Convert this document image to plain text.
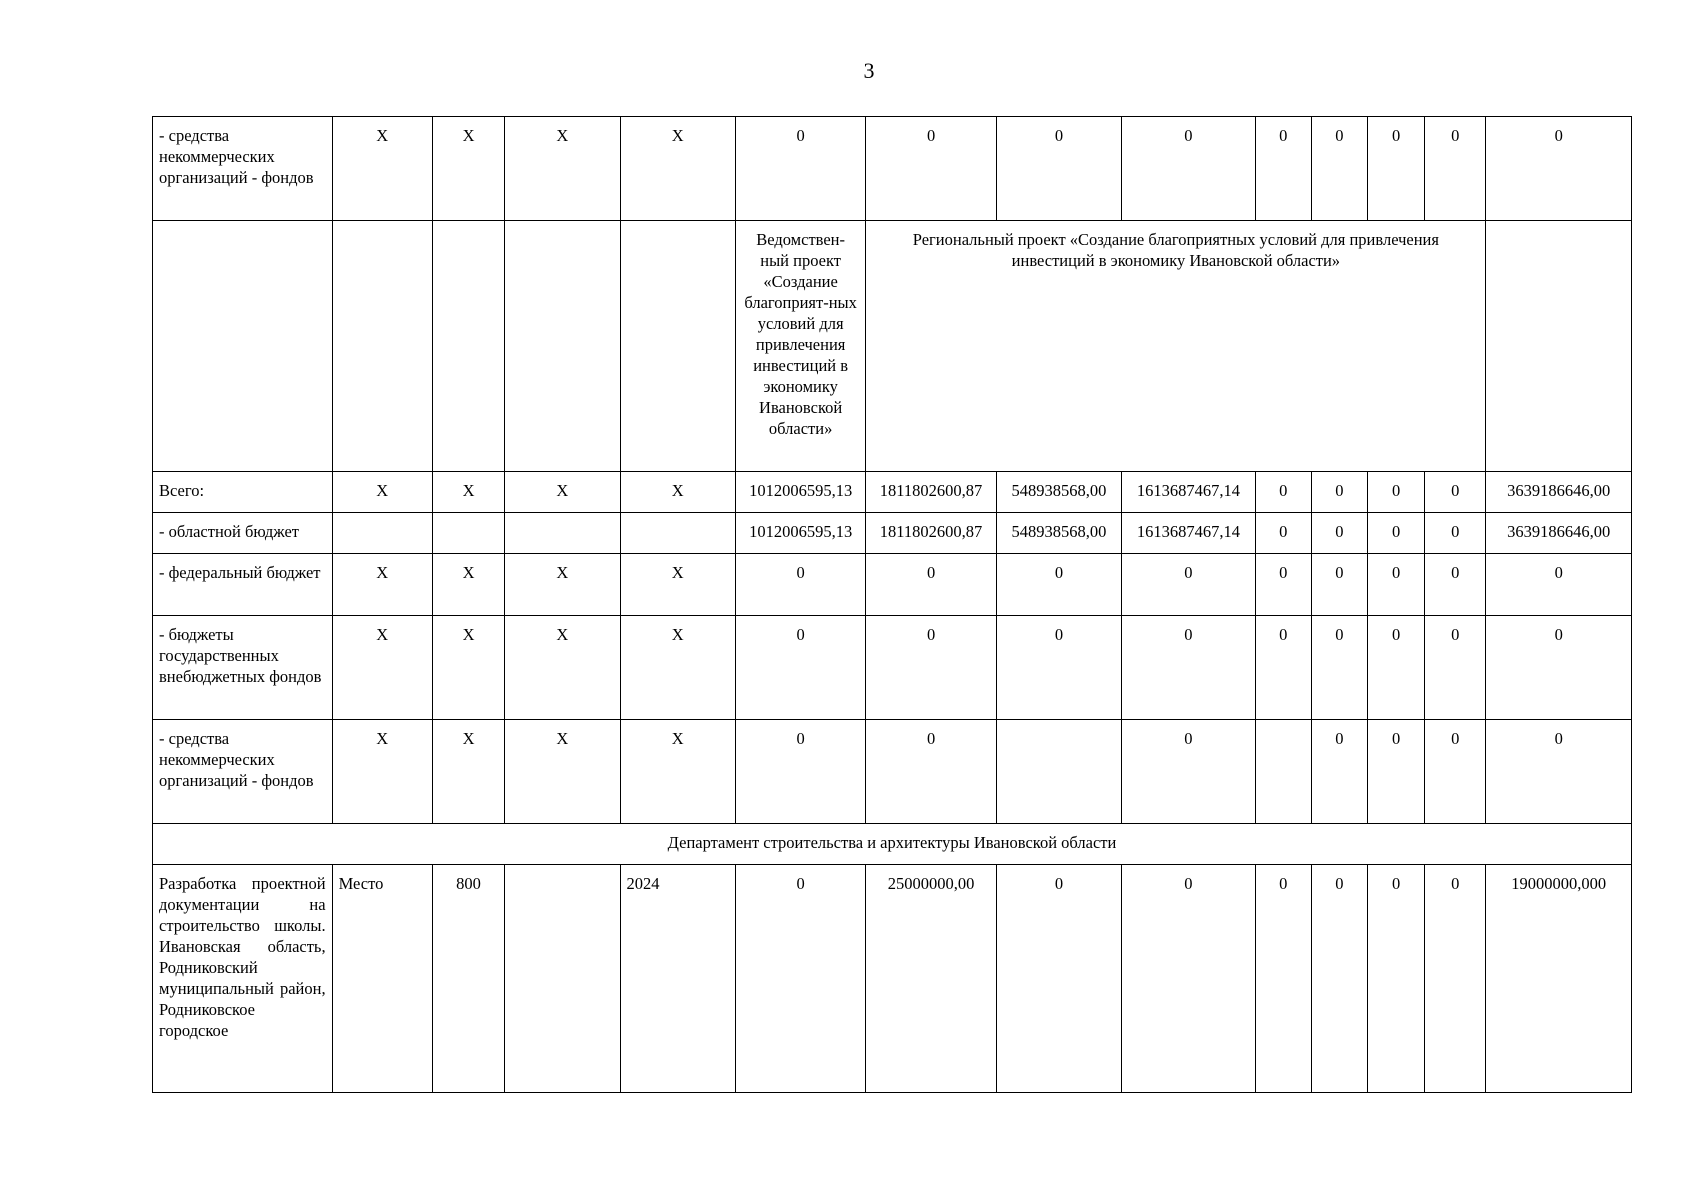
3
- средства некоммерческих организаций - фондов	X	X	X	X	0	0	0	0	0	0	0	0	0
					Ведомствен-ный проект «Создание благоприят-ных условий для привлечения инвестиций в экономику Ивановской области»	Региональный проект «Создание благоприятных условий для привлечения инвестиций в экономику Ивановской области»							
Всего:	X	X	X	X	1012006595,13	1811802600,87	548938568,00	1613687467,14	0	0	0	0	3639186646,00
- областной бюджет					1012006595,13	1811802600,87	548938568,00	1613687467,14	0	0	0	0	3639186646,00
- федеральный бюджет	X	X	X	X	0	0	0	0	0	0	0	0	0
- бюджеты государственных внебюджетных фондов	X	X	X	X	0	0	0	0	0	0	0	0	0
- средства некоммерческих организаций - фондов	X	X	X	X	0	0		0		0	0	0	0
Департамент строительства и архитектуры Ивановской области													
Разработка проектной документации на строительство школы. Ивановская область, Родниковский муниципальный район, Родниковское городское	Место	800		2024	0	25000000,00	0	0	0	0	0	0	19000000,000
